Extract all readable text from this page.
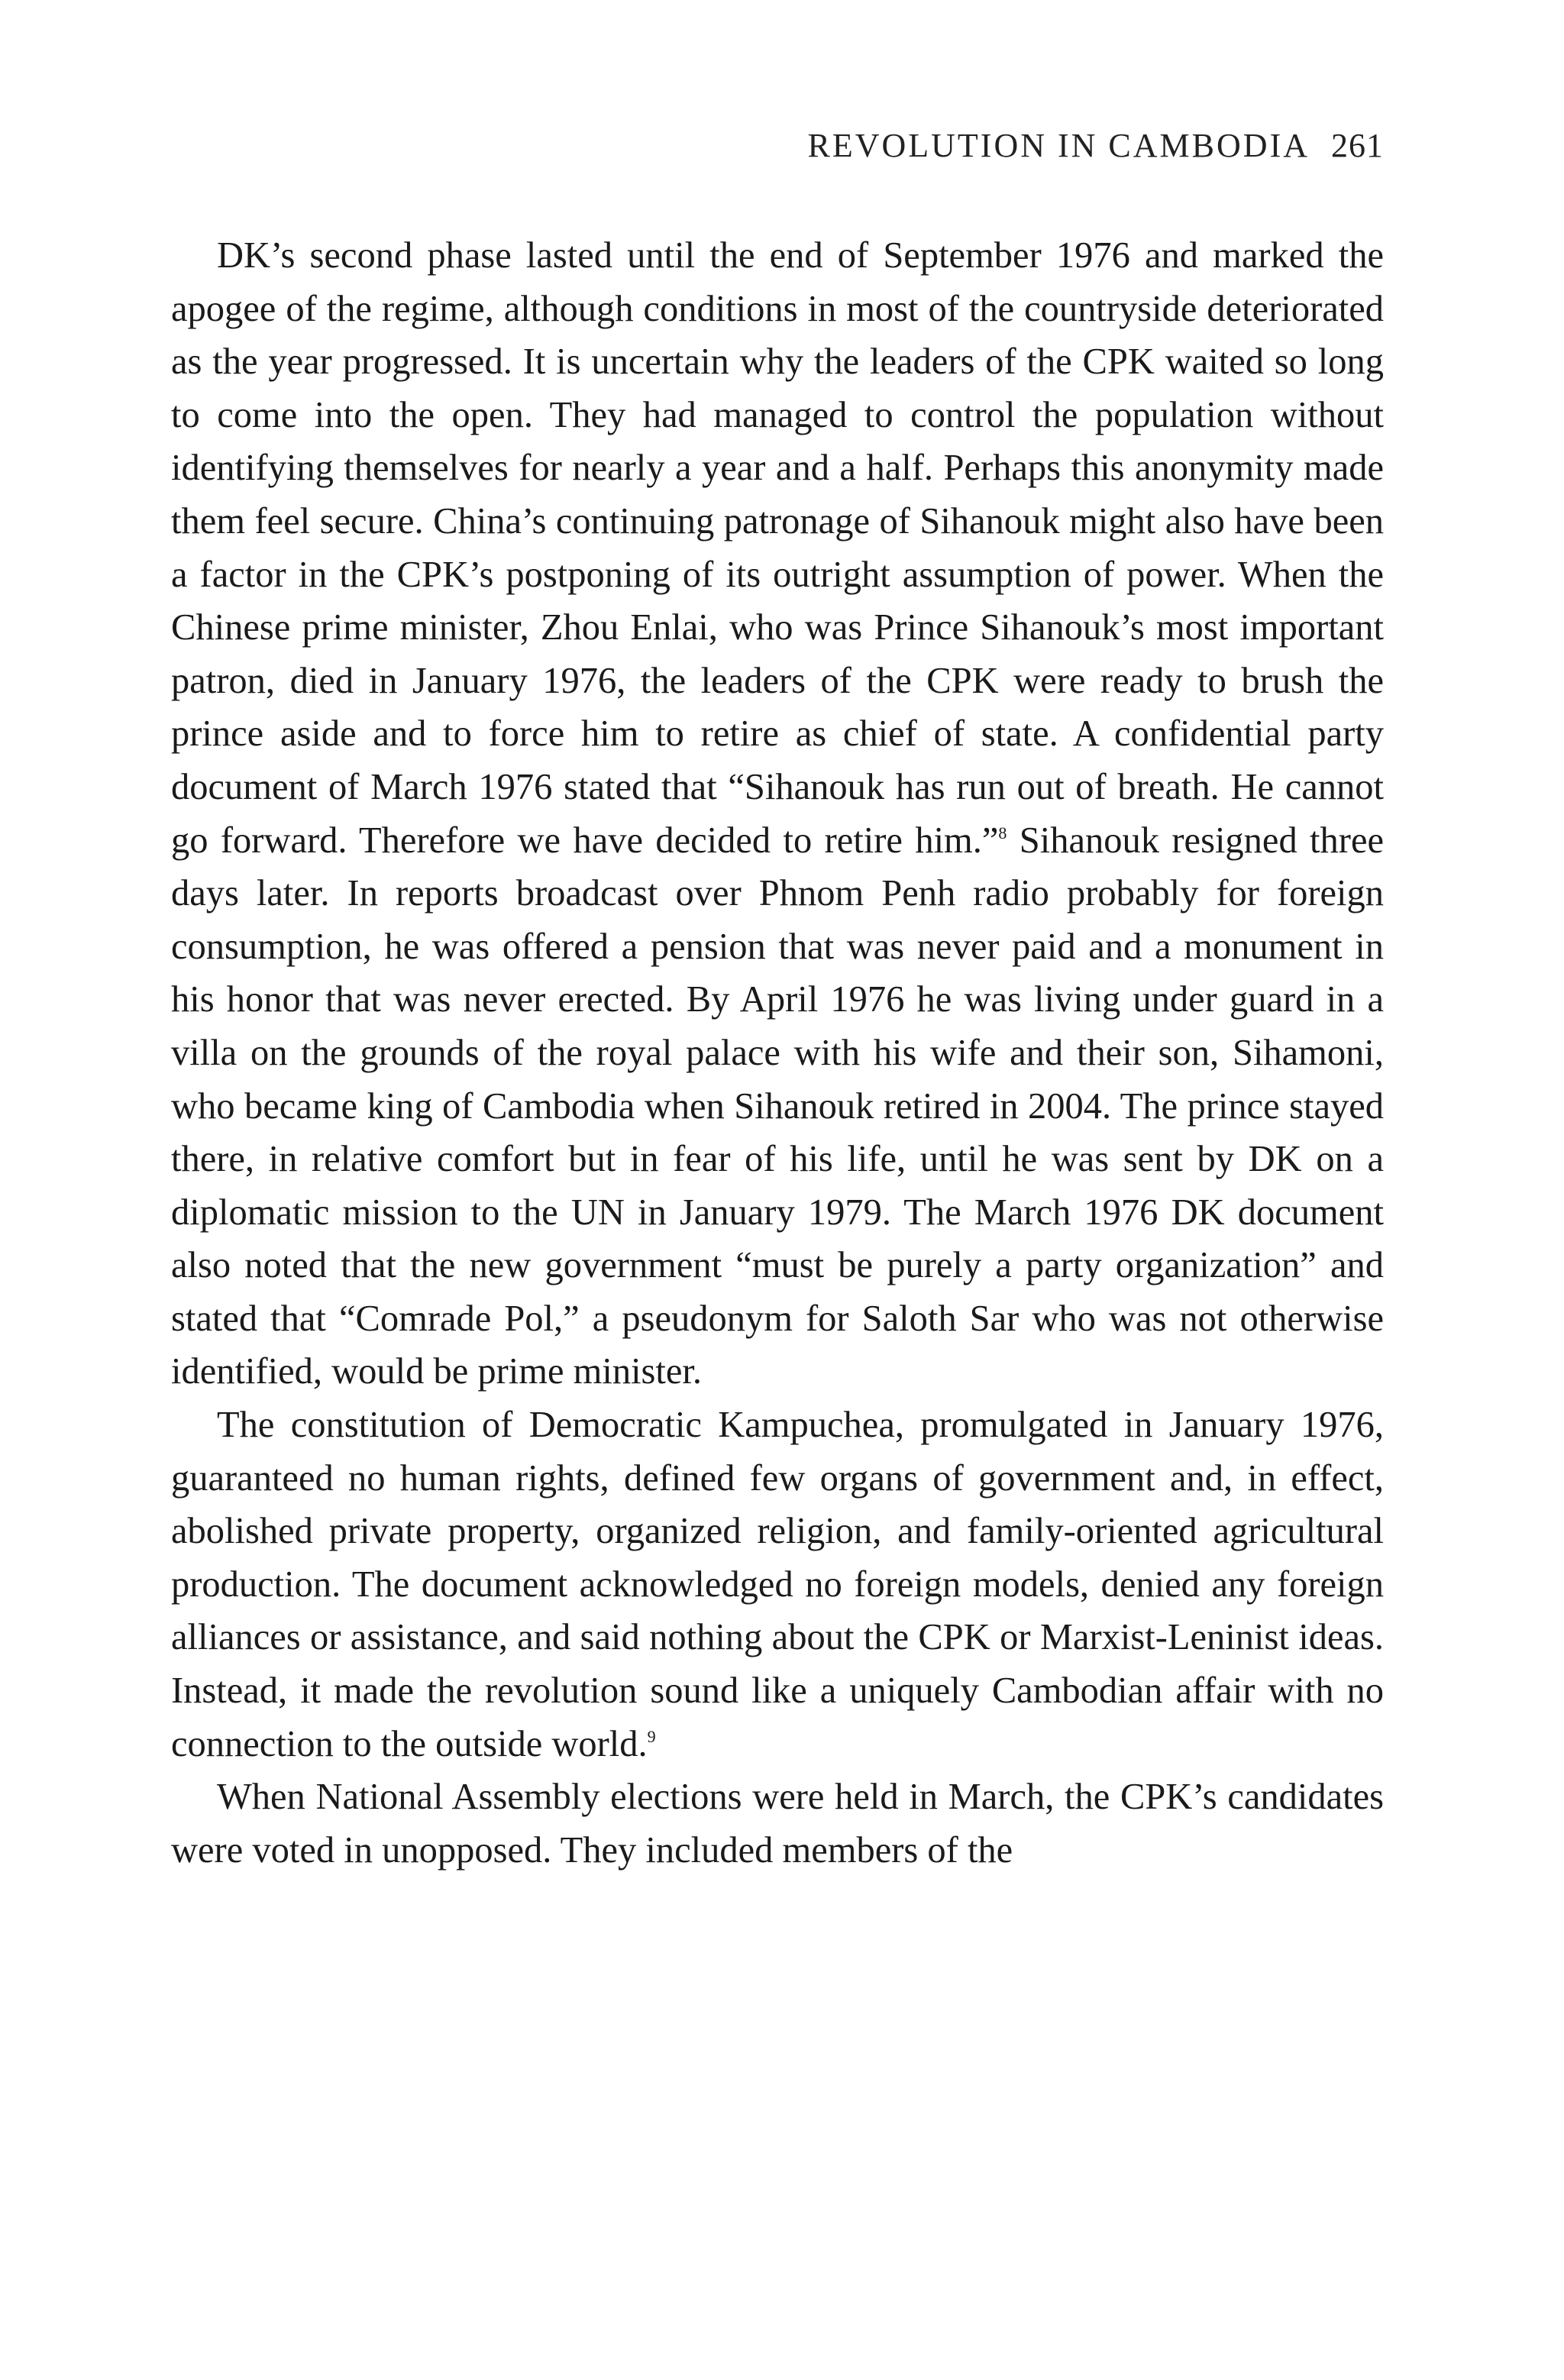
REVOLUTION IN CAMBODIA 261

DK’s second phase lasted until the end of September 1976 and marked the apogee of the regime, although conditions in most of the countryside deteriorated as the year progressed. It is uncertain why the leaders of the CPK waited so long to come into the open. They had managed to control the population without identifying themselves for nearly a year and a half. Perhaps this anonymity made them feel secure. China’s continuing patronage of Sihanouk might also have been a factor in the CPK’s postponing of its outright assumption of power. When the Chinese prime minister, Zhou Enlai, who was Prince Sihanouk’s most important patron, died in January 1976, the leaders of the CPK were ready to brush the prince aside and to force him to retire as chief of state. A confidential party document of March 1976 stated that “Sihanouk has run out of breath. He cannot go forward. Therefore we have decided to retire him.”$^8$ Sihanouk resigned three days later. In reports broadcast over Phnom Penh radio probably for foreign consumption, he was offered a pension that was never paid and a monument in his honor that was never erected. By April 1976 he was living under guard in a villa on the grounds of the royal palace with his wife and their son, Sihamoni, who became king of Cambodia when Sihanouk retired in 2004. The prince stayed there, in relative comfort but in fear of his life, until he was sent by DK on a diplomatic mission to the UN in January 1979. The March 1976 DK document also noted that the new government “must be purely a party organization” and stated that “Comrade Pol,” a pseudonym for Saloth Sar who was not otherwise identified, would be prime minister.

The constitution of Democratic Kampuchea, promulgated in January 1976, guaranteed no human rights, defined few organs of government and, in effect, abolished private property, organized religion, and family-oriented agricultural production. The document acknowledged no foreign models, denied any foreign alliances or assistance, and said nothing about the CPK or Marxist-Leninist ideas. Instead, it made the revolution sound like a uniquely Cambodian affair with no connection to the outside world.$^9$

When National Assembly elections were held in March, the CPK’s candidates were voted in unopposed. They included members of the
